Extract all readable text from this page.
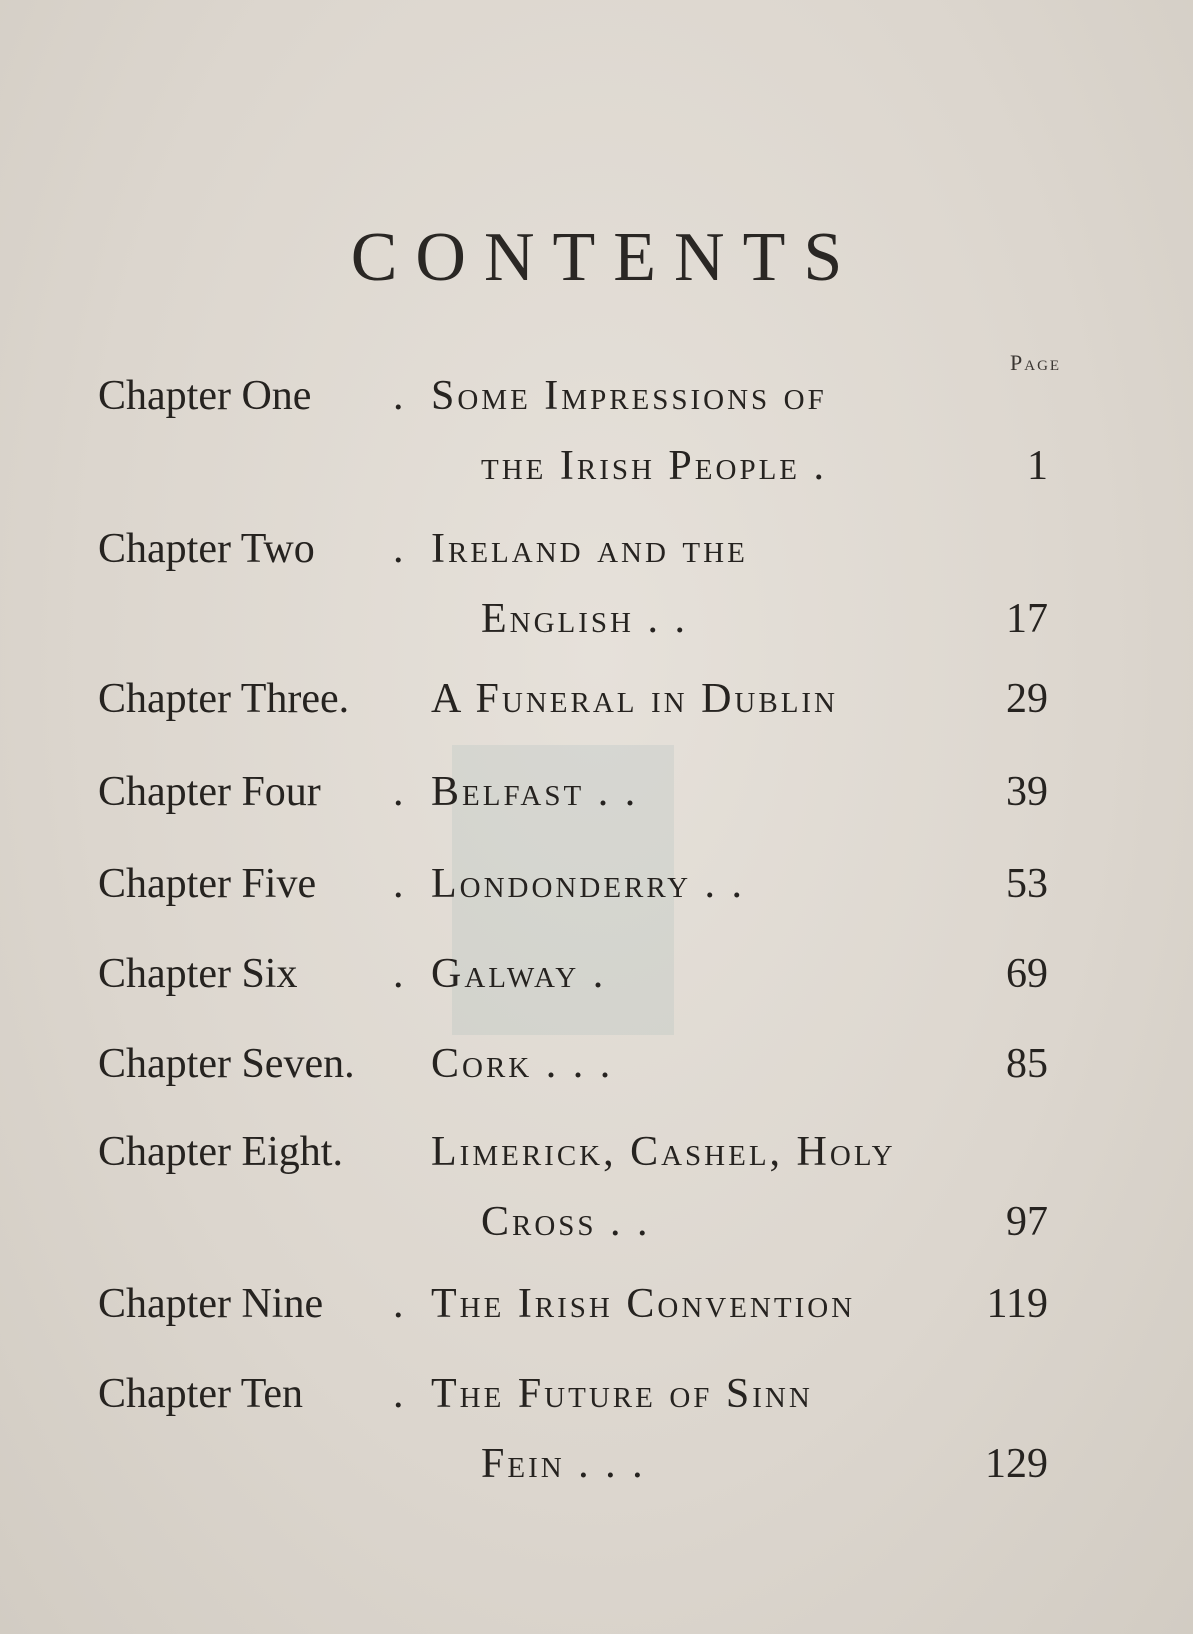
CONTENTS
Page
Chapter One	. Some Impressions of
the Irish People .	1
Chapter Two	. Ireland and the
English . .	17
Chapter Three.	A Funeral in Dublin	29
Chapter Four	. Belfast . .	39
Chapter Five	. Londonderry . .	53
Chapter Six	. Galway .	69
Chapter Seven.	Cork . . .	85
Chapter Eight.	Limerick, Cashel, Holy
Cross . .	97
Chapter Nine	. The Irish Convention	119
Chapter Ten	. The Future of Sinn
Fein . . .	129
